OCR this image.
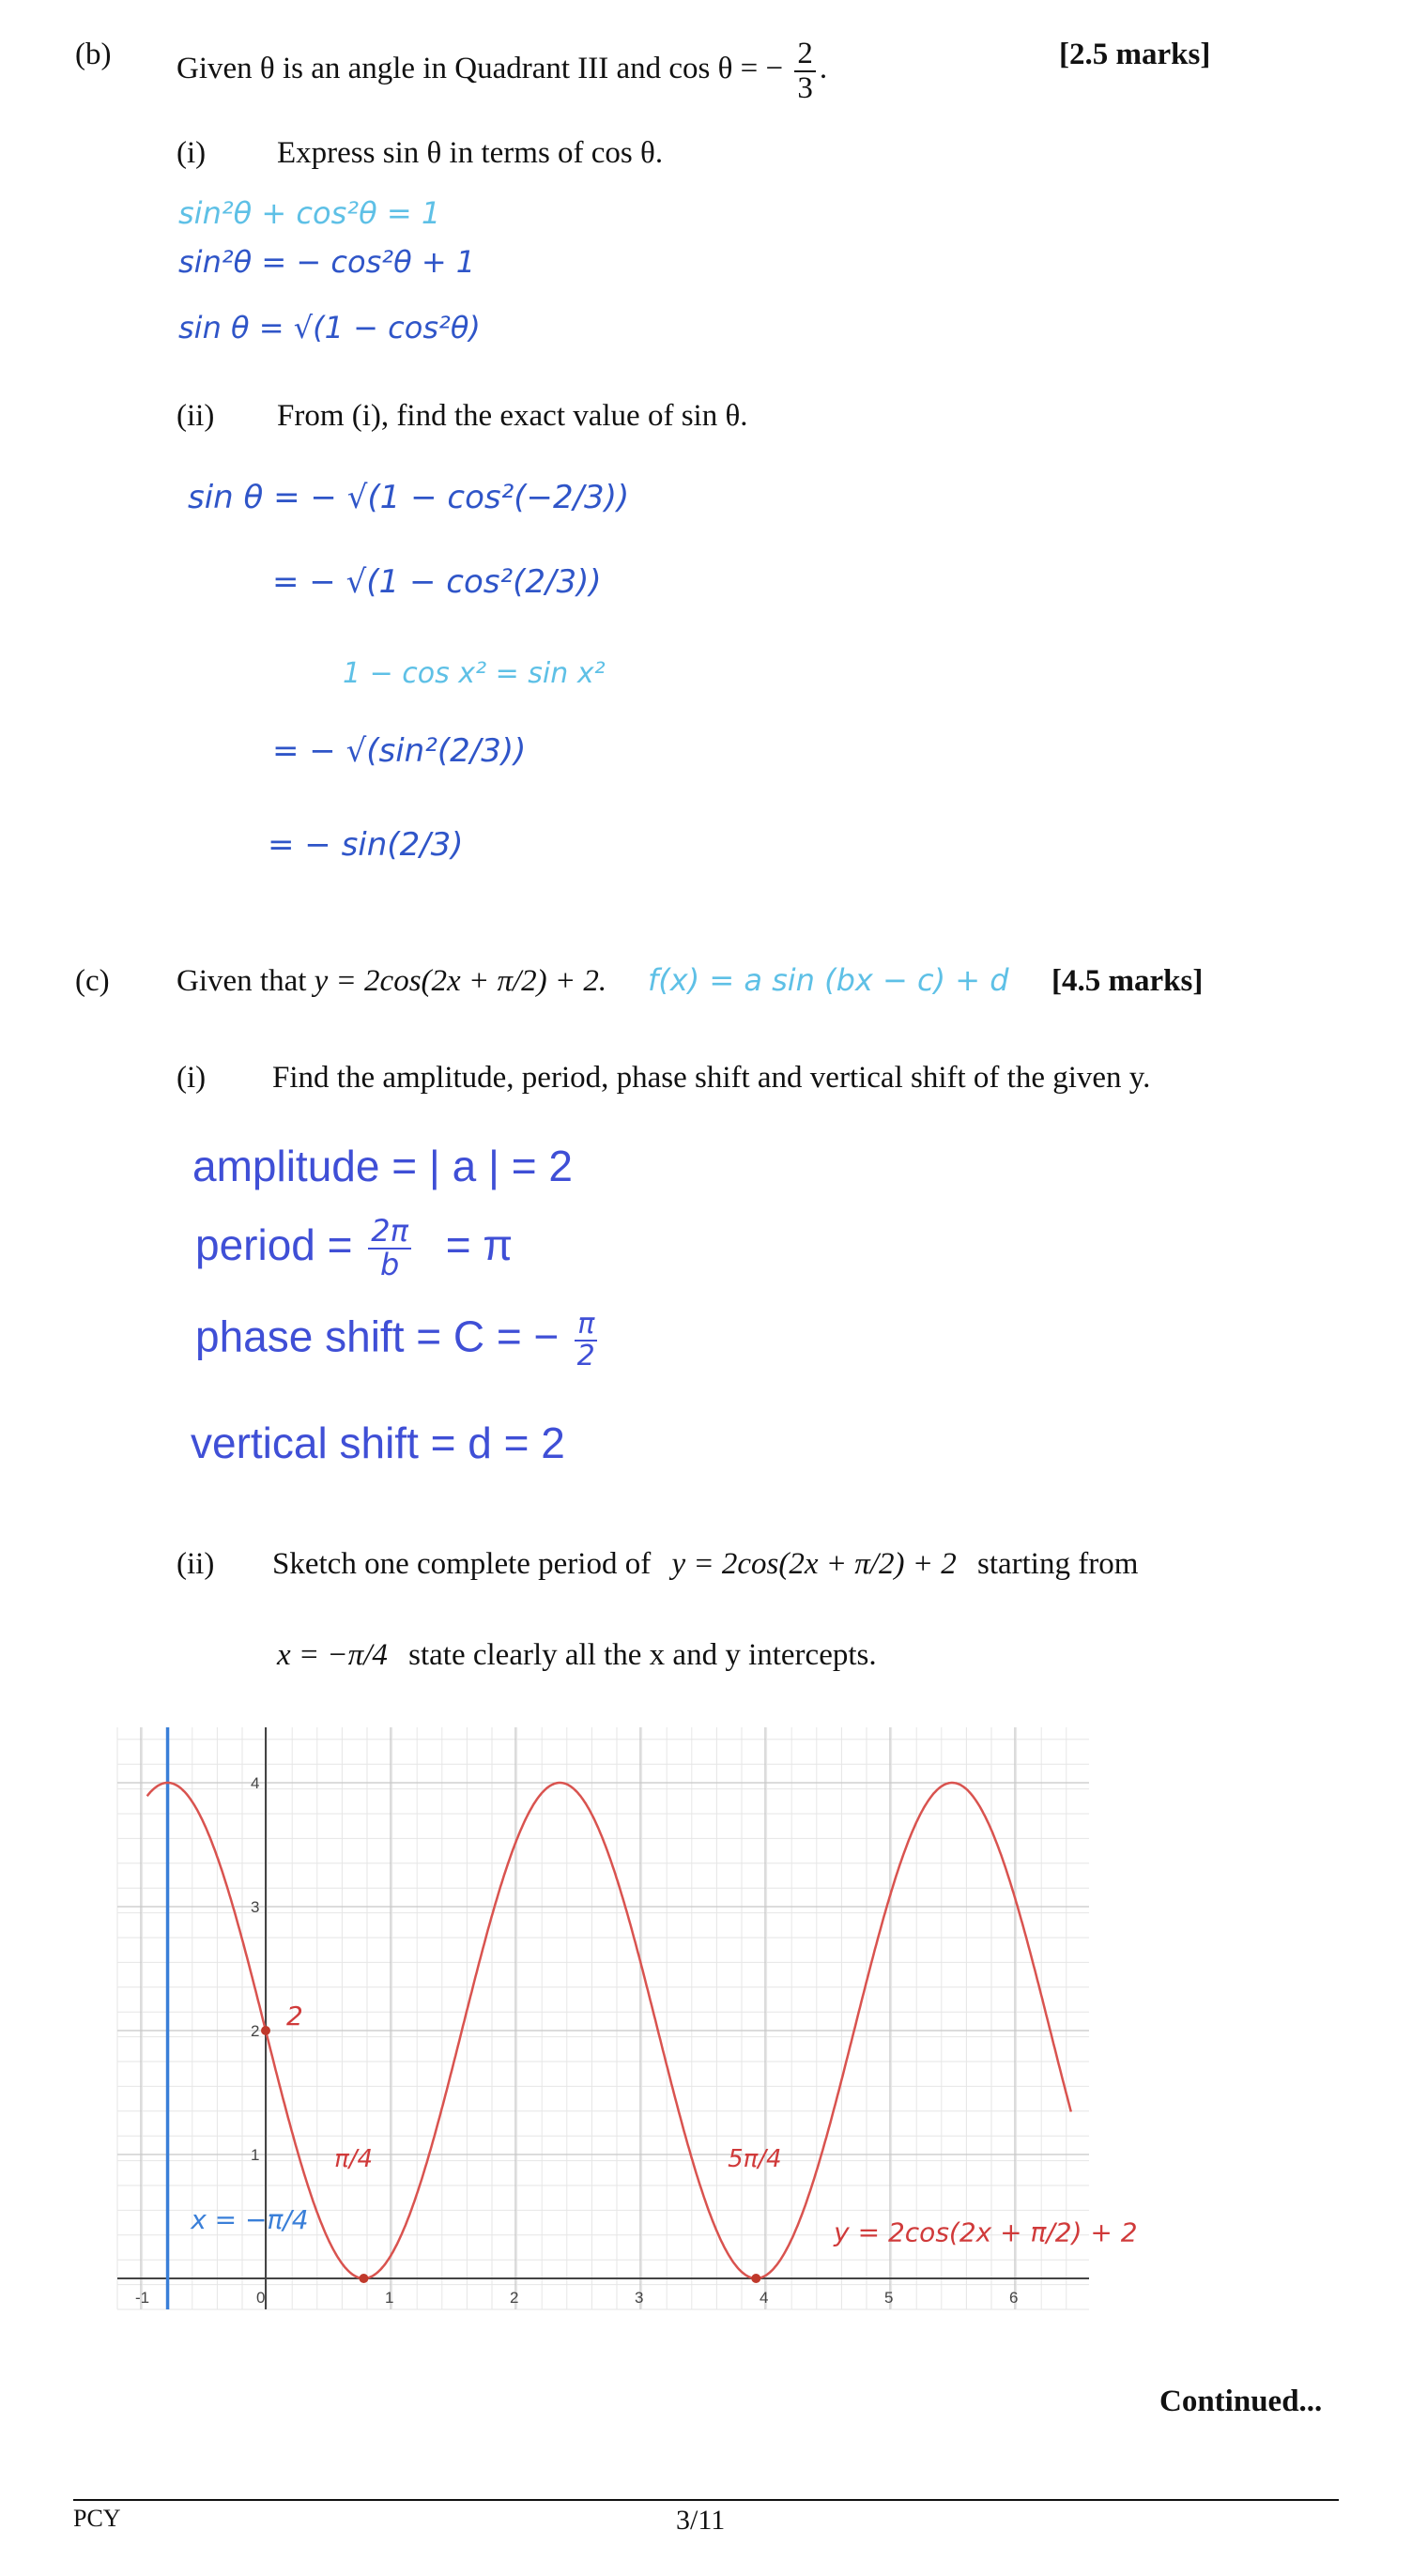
(b) Given θ is an angle in Quadrant III and cos θ = − $\frac{2}{3}$ .	[2.5 marks]
(i) Express sin θ in terms of cos θ.
sin²θ + cos²θ = 1
sin²θ = − cos²θ + 1
sin θ = √(1 − cos²θ)
(ii) From (i), find the exact value of sin θ.
sin θ = − √(1 − cos²(−2/3))
= − √(1 − cos²(2/3))
1 − cos x² = sin x²
= − √(sin²(2/3))
= − sin(2/3)
(c) Given that y = 2cos(2x + π/2) + 2. f(x) = a sin (bx − c) + d [4.5 marks]
(i) Find the amplitude, period, phase shift and vertical shift of the given y.
amplitude = | a | = 2
period = $\frac{2\pi}{b} = \pi$
phase shift = C = − $\frac{\pi}{2}$
vertical shift = d = 2
(ii) Sketch one complete period of y = 2cos(2x + π/2) + 2 starting from
x = −π/4 state clearly all the x and y intercepts.
-1	0	1	2	3	4	5	6
1
2
3
4
2
π/4	5π/4
x = −π/4	y = 2cos(2x + π/2) + 2
Continued...
PCY	3/11
